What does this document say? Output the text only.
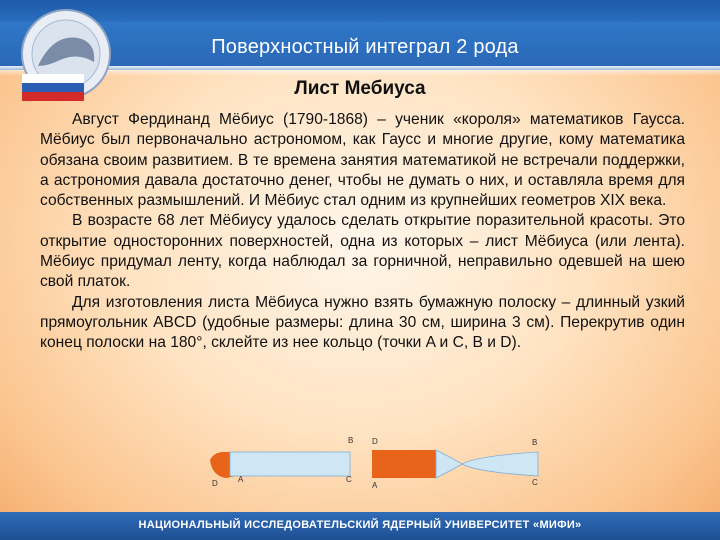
Поверхностный интеграл 2 рода
Лист Мебиуса

Август Фердинанд Мёбиус (1790-1868) – ученик «короля» математиков Гаусса. Мёбиус был первоначально астрономом, как Гаусс и многие другие, кому математика обязана своим развитием. В те времена занятия математикой не встречали поддержки, а астрономия давала достаточно денег, чтобы не думать о них, и оставляла время для собственных размышлений. И Мёбиус стал одним из крупнейших геометров XIX века.

В возрасте 68 лет Мёбиусу удалось сделать открытие поразительной красоты. Это открытие односторонних поверхностей, одна из которых – лист Мёбиуса (или лента). Мёбиус придумал ленту, когда наблюдал за горничной, неправильно одевшей на шею свой платок.

Для изготовления листа Мёбиуса нужно взять бумажную полоску – длинный узкий прямоугольник ABCD (удобные размеры: длина 30 см, ширина 3 см). Перекрутив один конец полоски на 180°, склейте из нее кольцо (точки A и C, B и D).

B
D	A	C
D
A
B
C
НАЦИОНАЛЬНЫЙ ИССЛЕДОВАТЕЛЬСКИЙ ЯДЕРНЫЙ УНИВЕРСИТЕТ «МИФИ»
